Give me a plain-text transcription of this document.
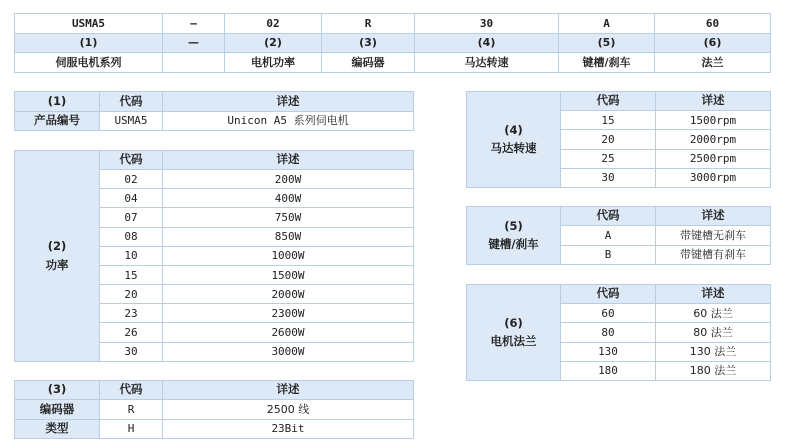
USMA5	—	02	R	30	A	60
(1)	—	(2)	(3)	(4)	(5)	(6)
伺服电机系列		电机功率	编码器	马达转速	键槽/刹车	法兰
(1)	代码	详述
产品编号	USMA5	Unicon A5 系列伺电机
(2)
功率	代码	详述
	02	200W
	04	400W
	07	750W
	08	850W
	10	1000W
	15	1500W
	20	2000W
	23	2300W
	26	2600W
	30	3000W
(3)	代码	详述
编码器	R	2500 线
类型	H	23Bit
(4)
马达转速	代码	详述
	15	1500rpm
	20	2000rpm
	25	2500rpm
	30	3000rpm
(5)
键槽/刹车	代码	详述
	A	带键槽无刹车
	B	带键槽有刹车
(6)
电机法兰	代码	详述
	60	60 法兰
	80	80 法兰
	130	130 法兰
	180	180 法兰
